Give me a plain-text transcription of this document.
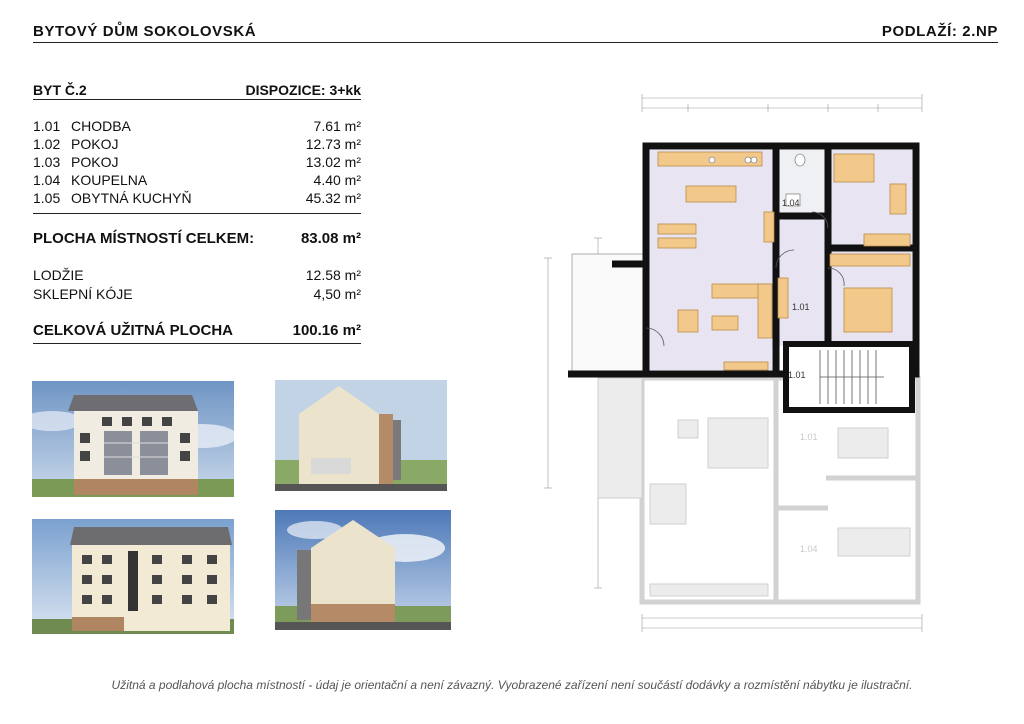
BYTOVÝ DŮM SOKOLOVSKÁ	PODLAŽÍ: 2.NP
BYT Č.2	DISPOZICE: 3+kk
1.01 CHODBA	7.61 m²
1.02 POKOJ	12.73 m²
1.03 POKOJ	13.02 m²
1.04 KOUPELNA	4.40 m²
1.05 OBYTNÁ KUCHYŇ	45.32 m²
PLOCHA MÍSTNOSTÍ CELKEM:	83.08 m²
LODŽIE	12.58 m²
SKLEPNÍ KÓJE	4,50 m²
CELKOVÁ UŽITNÁ PLOCHA	100.16 m²
1.01
1.04
1.04
1.01
1.01
Užitná a podlahová plocha místností - údaj je orientační a není závazný. Vyobrazené zařízení není součástí dodávky a rozmístění nábytku je ilustrační.
